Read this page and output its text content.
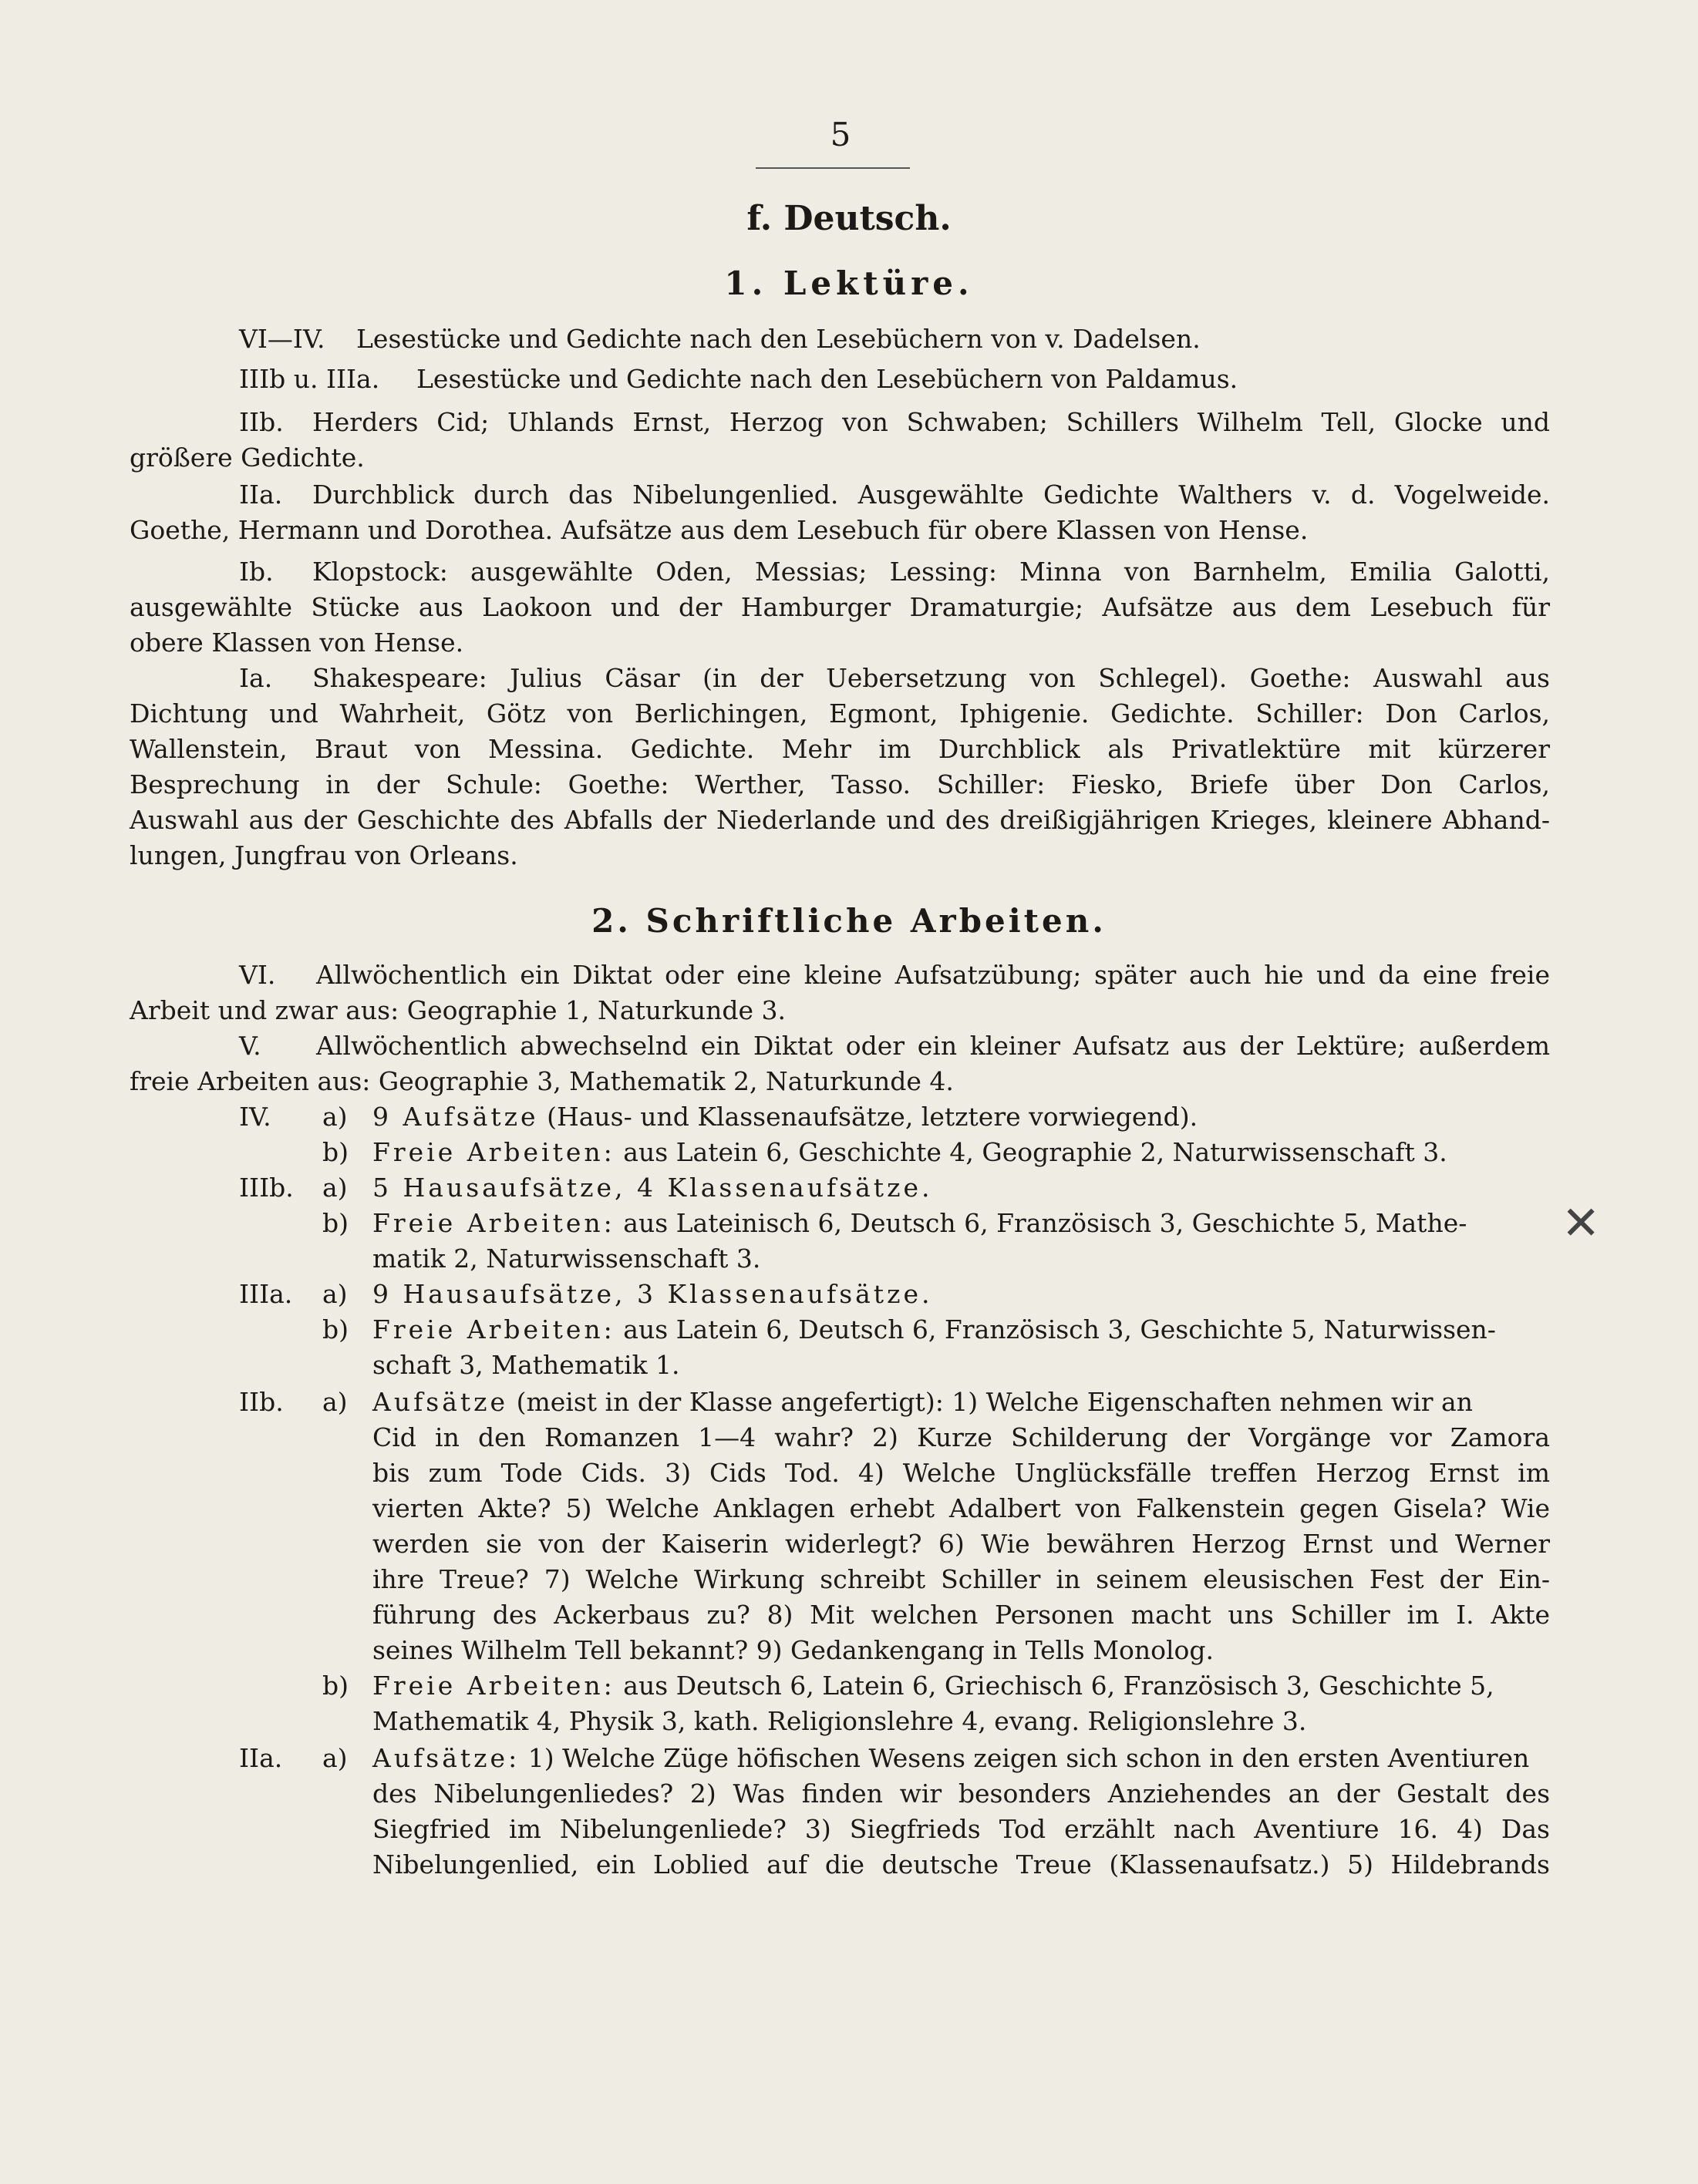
5
f. Deutsch.
1. Lektüre.
VI—IV. Lesestücke und Gedichte nach den Lesebüchern von v. Dadelsen.
IIIb u. IIIa. Lesestücke und Gedichte nach den Lesebüchern von Paldamus.
IIb. Herders Cid; Uhlands Ernst, Herzog von Schwaben; Schillers Wilhelm Tell, Glocke und
größere Gedichte.
IIa. Durchblick durch das Nibelungenlied. Ausgewählte Gedichte Walthers v. d. Vogelweide.
Goethe, Hermann und Dorothea. Aufsätze aus dem Lesebuch für obere Klassen von Hense.
Ib. Klopstock: ausgewählte Oden, Messias; Lessing: Minna von Barnhelm, Emilia Galotti,
ausgewählte Stücke aus Laokoon und der Hamburger Dramaturgie; Aufsätze aus dem Lesebuch für
obere Klassen von Hense.
Ia. Shakespeare: Julius Cäsar (in der Uebersetzung von Schlegel). Goethe: Auswahl aus
Dichtung und Wahrheit, Götz von Berlichingen, Egmont, Iphigenie. Gedichte. Schiller: Don Carlos,
Wallenstein, Braut von Messina. Gedichte. Mehr im Durchblick als Privatlektüre mit kürzerer
Besprechung in der Schule: Goethe: Werther, Tasso. Schiller: Fiesko, Briefe über Don Carlos,
Auswahl aus der Geschichte des Abfalls der Niederlande und des dreißigjährigen Krieges, kleinere Abhand-
lungen, Jungfrau von Orleans.
2. Schriftliche Arbeiten.
VI. Allwöchentlich ein Diktat oder eine kleine Aufsatzübung; später auch hie und da eine freie
Arbeit und zwar aus: Geographie 1, Naturkunde 3.
V. Allwöchentlich abwechselnd ein Diktat oder ein kleiner Aufsatz aus der Lektüre; außerdem
freie Arbeiten aus: Geographie 3, Mathematik 2, Naturkunde 4.
IV. a) 9 Aufsätze (Haus- und Klassenaufsätze, letztere vorwiegend).
b) Freie Arbeiten: aus Latein 6, Geschichte 4, Geographie 2, Naturwissenschaft 3.
IIIb. a) 5 Hausaufsätze, 4 Klassenaufsätze.
b) Freie Arbeiten: aus Lateinisch 6, Deutsch 6, Französisch 3, Geschichte 5, Mathe-
matik 2, Naturwissenschaft 3.
IIIa. a) 9 Hausaufsätze, 3 Klassenaufsätze.
b) Freie Arbeiten: aus Latein 6, Deutsch 6, Französisch 3, Geschichte 5, Naturwissen-
schaft 3, Mathematik 1.
IIb. a) Aufsätze (meist in der Klasse angefertigt): 1) Welche Eigenschaften nehmen wir an
Cid in den Romanzen 1—4 wahr? 2) Kurze Schilderung der Vorgänge vor Zamora
bis zum Tode Cids. 3) Cids Tod. 4) Welche Unglücksfälle treffen Herzog Ernst im
vierten Akte? 5) Welche Anklagen erhebt Adalbert von Falkenstein gegen Gisela? Wie
werden sie von der Kaiserin widerlegt? 6) Wie bewähren Herzog Ernst und Werner
ihre Treue? 7) Welche Wirkung schreibt Schiller in seinem eleusischen Fest der Ein-
führung des Ackerbaus zu? 8) Mit welchen Personen macht uns Schiller im I. Akte
seines Wilhelm Tell bekannt? 9) Gedankengang in Tells Monolog.
b) Freie Arbeiten: aus Deutsch 6, Latein 6, Griechisch 6, Französisch 3, Geschichte 5,
Mathematik 4, Physik 3, kath. Religionslehre 4, evang. Religionslehre 3.
IIa. a) Aufsätze: 1) Welche Züge höfischen Wesens zeigen sich schon in den ersten Aventiuren
des Nibelungenliedes? 2) Was finden wir besonders Anziehendes an der Gestalt des
Siegfried im Nibelungenliede? 3) Siegfrieds Tod erzählt nach Aventiure 16. 4) Das
Nibelungenlied, ein Loblied auf die deutsche Treue (Klassenaufsatz.) 5) Hildebrands
✕
